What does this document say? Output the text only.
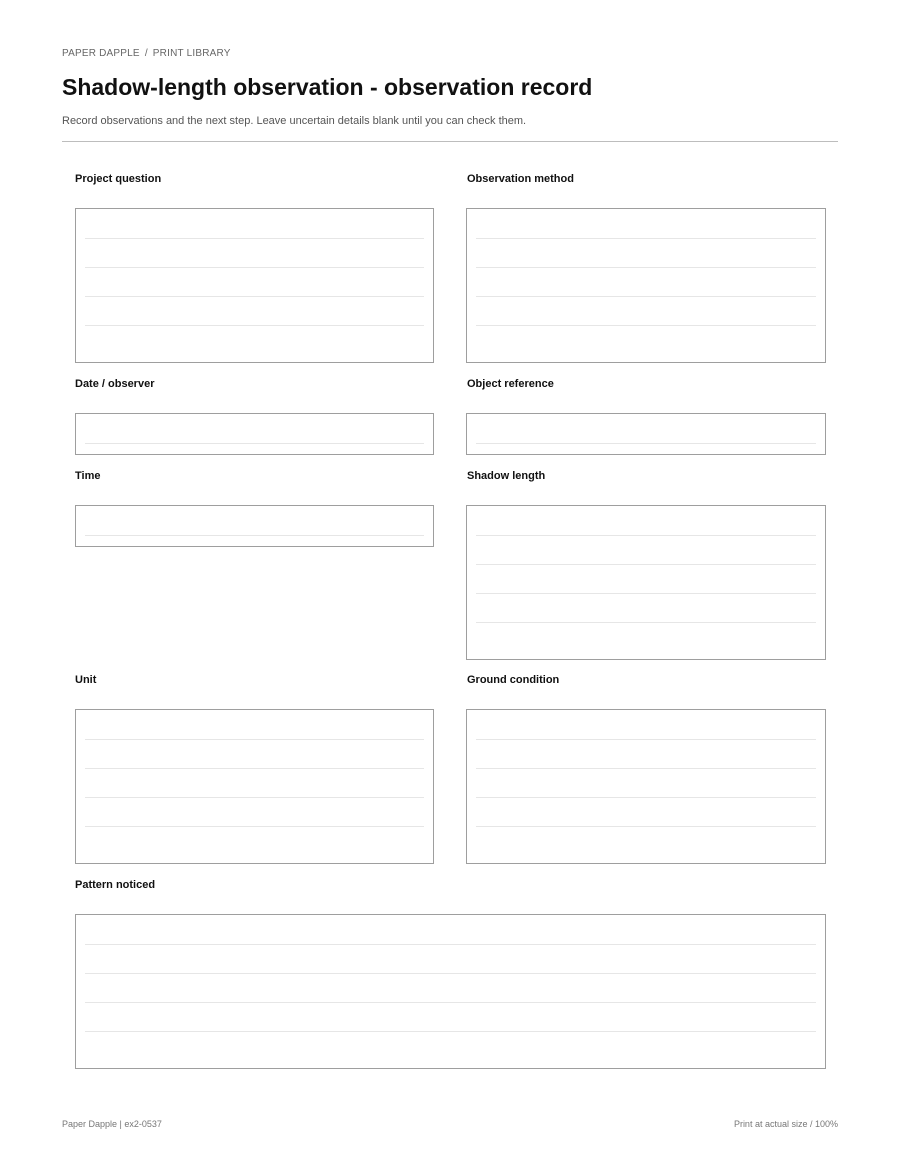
PAPER DAPPLE / PRINT LIBRARY
Shadow-length observation - observation record

Record observations and the next step. Leave uncertain details blank until you can check them.

Project question	Observation method
Date / observer	Object reference
Time	Shadow length
Unit	Ground condition
Pattern noticed
Paper Dapple | ex2-0537	Print at actual size / 100%
